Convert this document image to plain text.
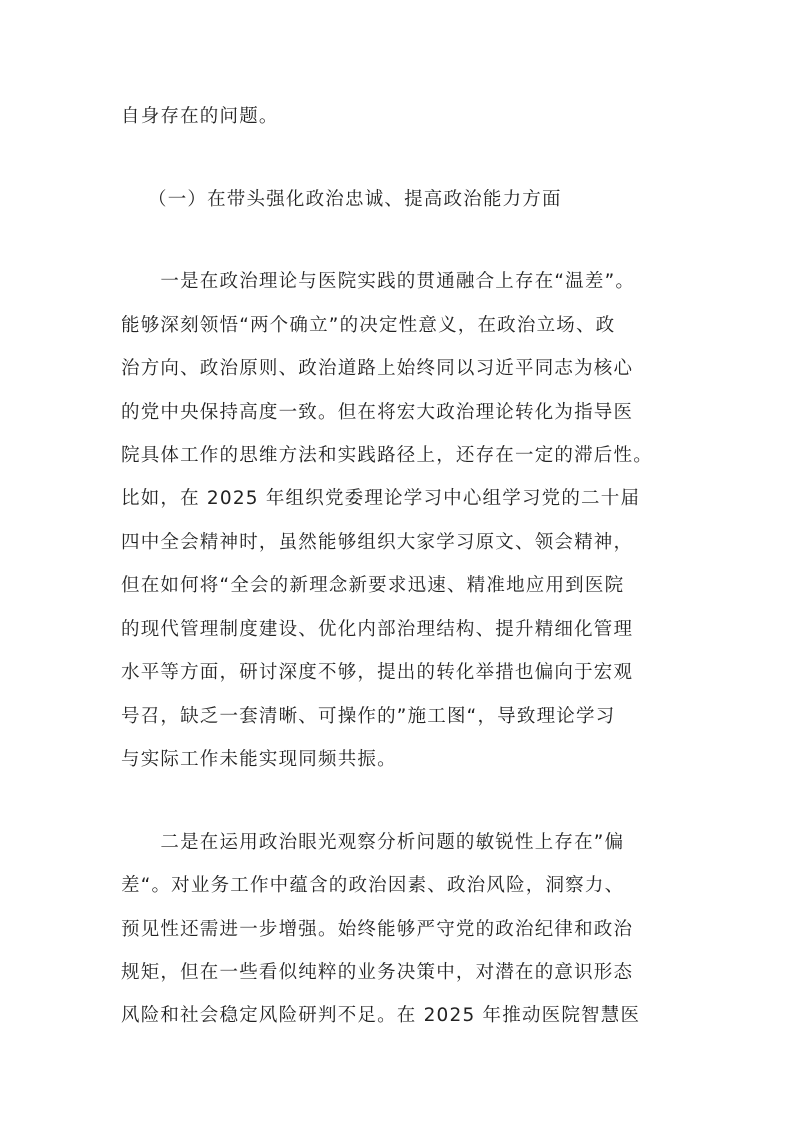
自身存在的问题。
（一）在带头强化政治忠诚、提高政治能力方面
　　一是在政治理论与医院实践的贯通融合上存在“温差”。
能够深刻领悟“两个确立”的决定性意义，在政治立场、政
治方向、政治原则、政治道路上始终同以习近平同志为核心
的党中央保持高度一致。但在将宏大政治理论转化为指导医
院具体工作的思维方法和实践路径上，还存在一定的滞后性。
比如，在 2025 年组织党委理论学习中心组学习党的二十届
四中全会精神时，虽然能够组织大家学习原文、领会精神，
但在如何将“全会的新理念新要求迅速、精准地应用到医院
的现代管理制度建设、优化内部治理结构、提升精细化管理
水平等方面，研讨深度不够，提出的转化举措也偏向于宏观
号召，缺乏一套清晰、可操作的”施工图“，导致理论学习
与实际工作未能实现同频共振。
　　二是在运用政治眼光观察分析问题的敏锐性上存在”偏
差“。对业务工作中蕴含的政治因素、政治风险，洞察力、
预见性还需进一步增强。始终能够严守党的政治纪律和政治
规矩，但在一些看似纯粹的业务决策中，对潜在的意识形态
风险和社会稳定风险研判不足。在 2025 年推动医院智慧医
